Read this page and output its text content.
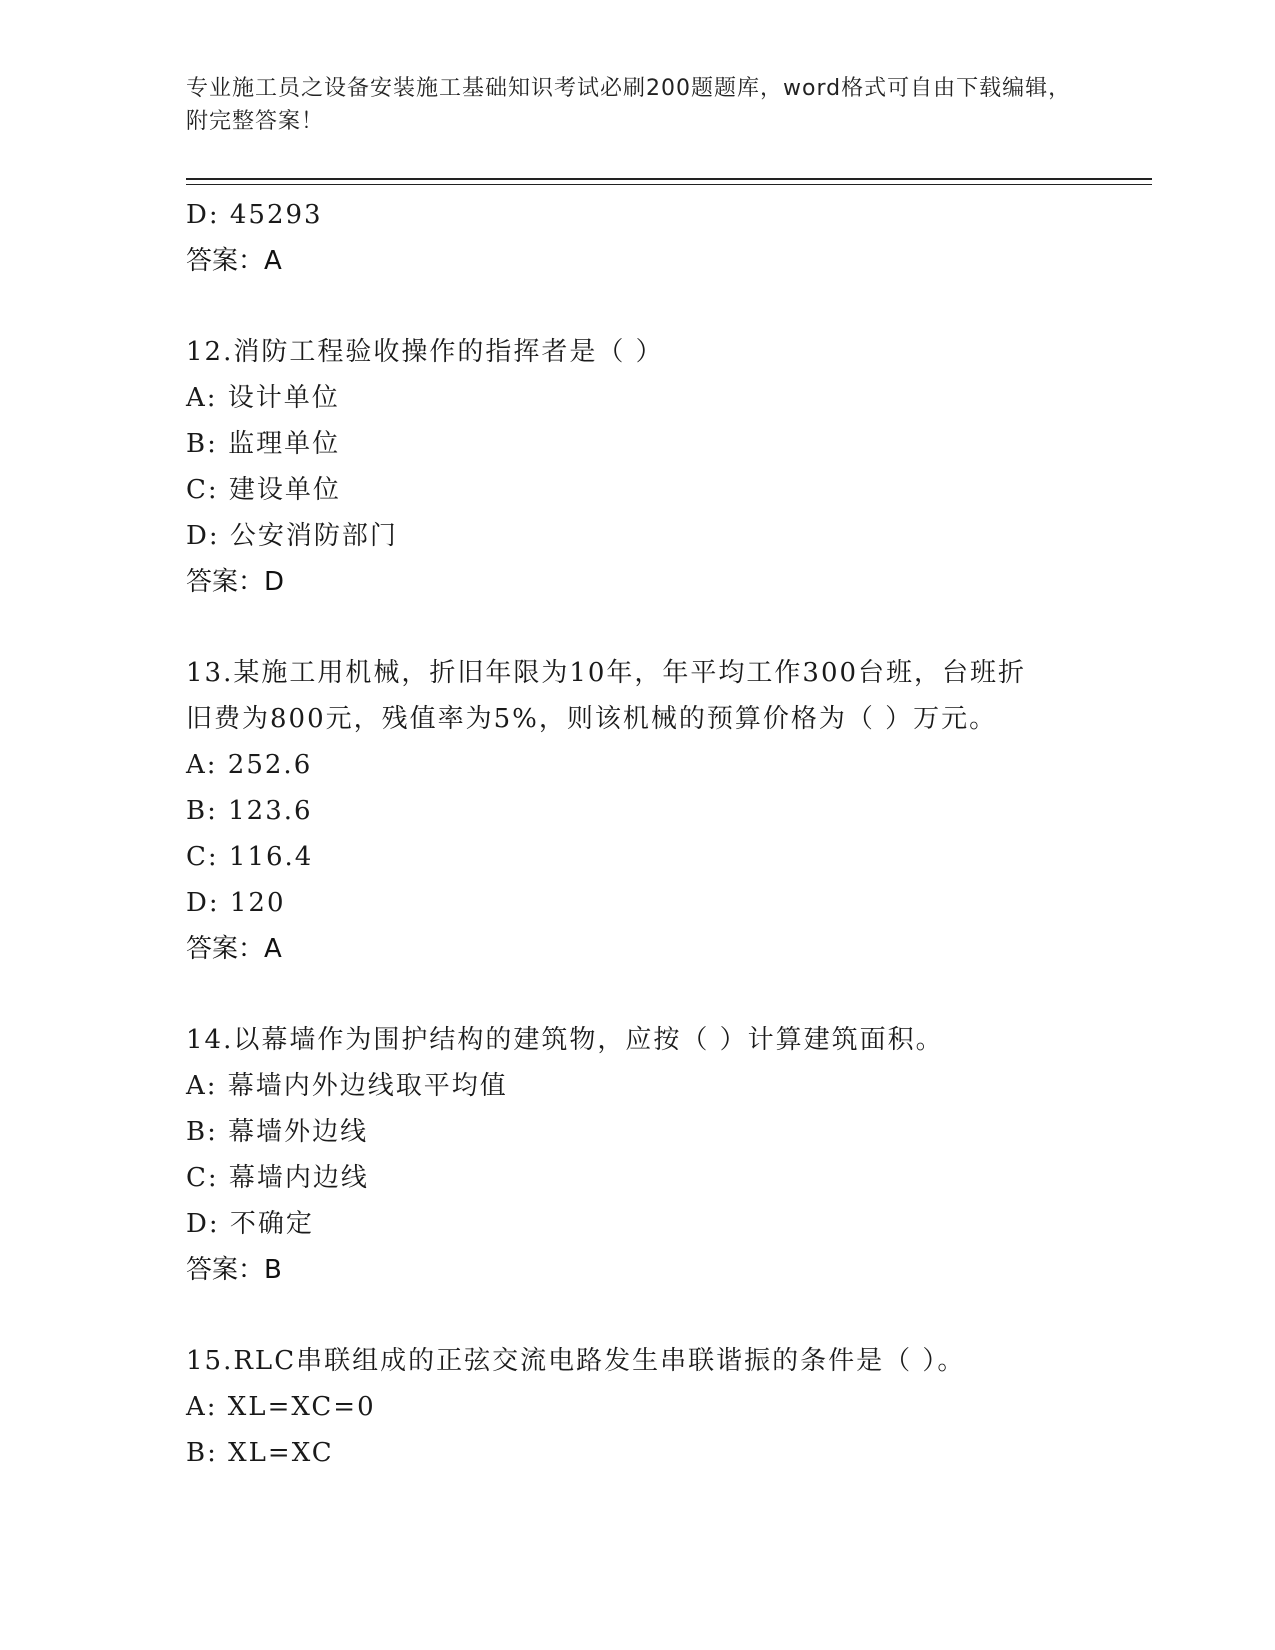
专业施工员之设备安装施工基础知识考试必刷200题题库，word格式可自由下载编辑，附完整答案！
D: 45293
答案：A
12.消防工程验收操作的指挥者是（ ）
A: 设计单位
B: 监理单位
C: 建设单位
D: 公安消防部门
答案：D
13.某施工用机械，折旧年限为10年，年平均工作300台班，台班折
旧费为800元，残值率为5%，则该机械的预算价格为（ ）万元。
A: 252.6
B: 123.6
C: 116.4
D: 120
答案：A
14.以幕墙作为围护结构的建筑物，应按（ ）计算建筑面积。
A: 幕墙内外边线取平均值
B: 幕墙外边线
C: 幕墙内边线
D: 不确定
答案：B
15.RLC串联组成的正弦交流电路发生串联谐振的条件是（ ）。
A: XL=XC=0
B: XL=XC
